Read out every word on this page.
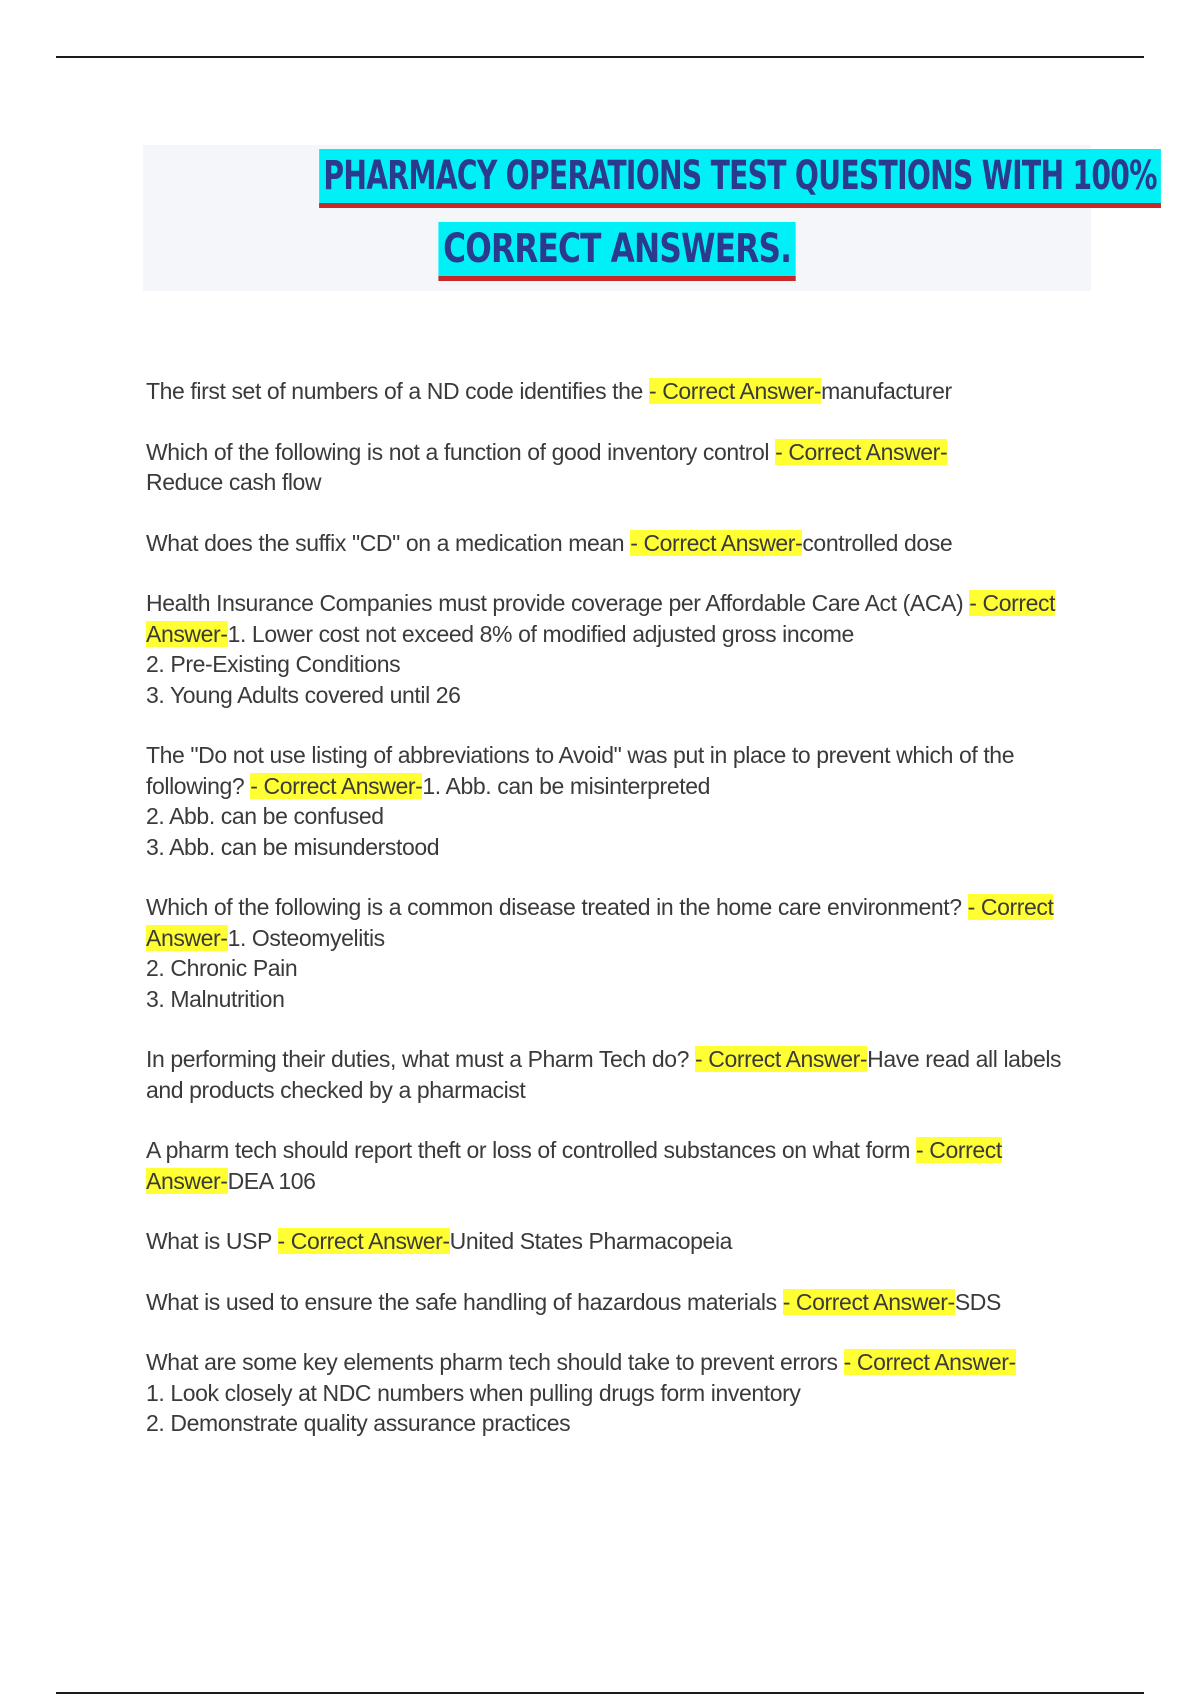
PHARMACY OPERATIONS TEST QUESTIONS WITH 100%
CORRECT ANSWERS.
The first set of numbers of a ND code identifies the - Correct Answer-manufacturer
Which of the following is not a function of good inventory control - Correct Answer-
Reduce cash flow
What does the suffix "CD" on a medication mean - Correct Answer-controlled dose
Health Insurance Companies must provide coverage per Affordable Care Act (ACA) - Correct Answer-1. Lower cost not exceed 8% of modified adjusted gross income
2. Pre-Existing Conditions
3. Young Adults covered until 26
The "Do not use listing of abbreviations to Avoid" was put in place to prevent which of the following? - Correct Answer-1. Abb. can be misinterpreted
2. Abb. can be confused
3. Abb. can be misunderstood
Which of the following is a common disease treated in the home care environment? - Correct Answer-1. Osteomyelitis
2. Chronic Pain
3. Malnutrition
In performing their duties, what must a Pharm Tech do? - Correct Answer-Have read all labels and products checked by a pharmacist
A pharm tech should report theft or loss of controlled substances on what form - Correct Answer-DEA 106
What is USP - Correct Answer-United States Pharmacopeia
What is used to ensure the safe handling of hazardous materials - Correct Answer-SDS
What are some key elements pharm tech should take to prevent errors - Correct Answer-
1. Look closely at NDC numbers when pulling drugs form inventory
2. Demonstrate quality assurance practices
